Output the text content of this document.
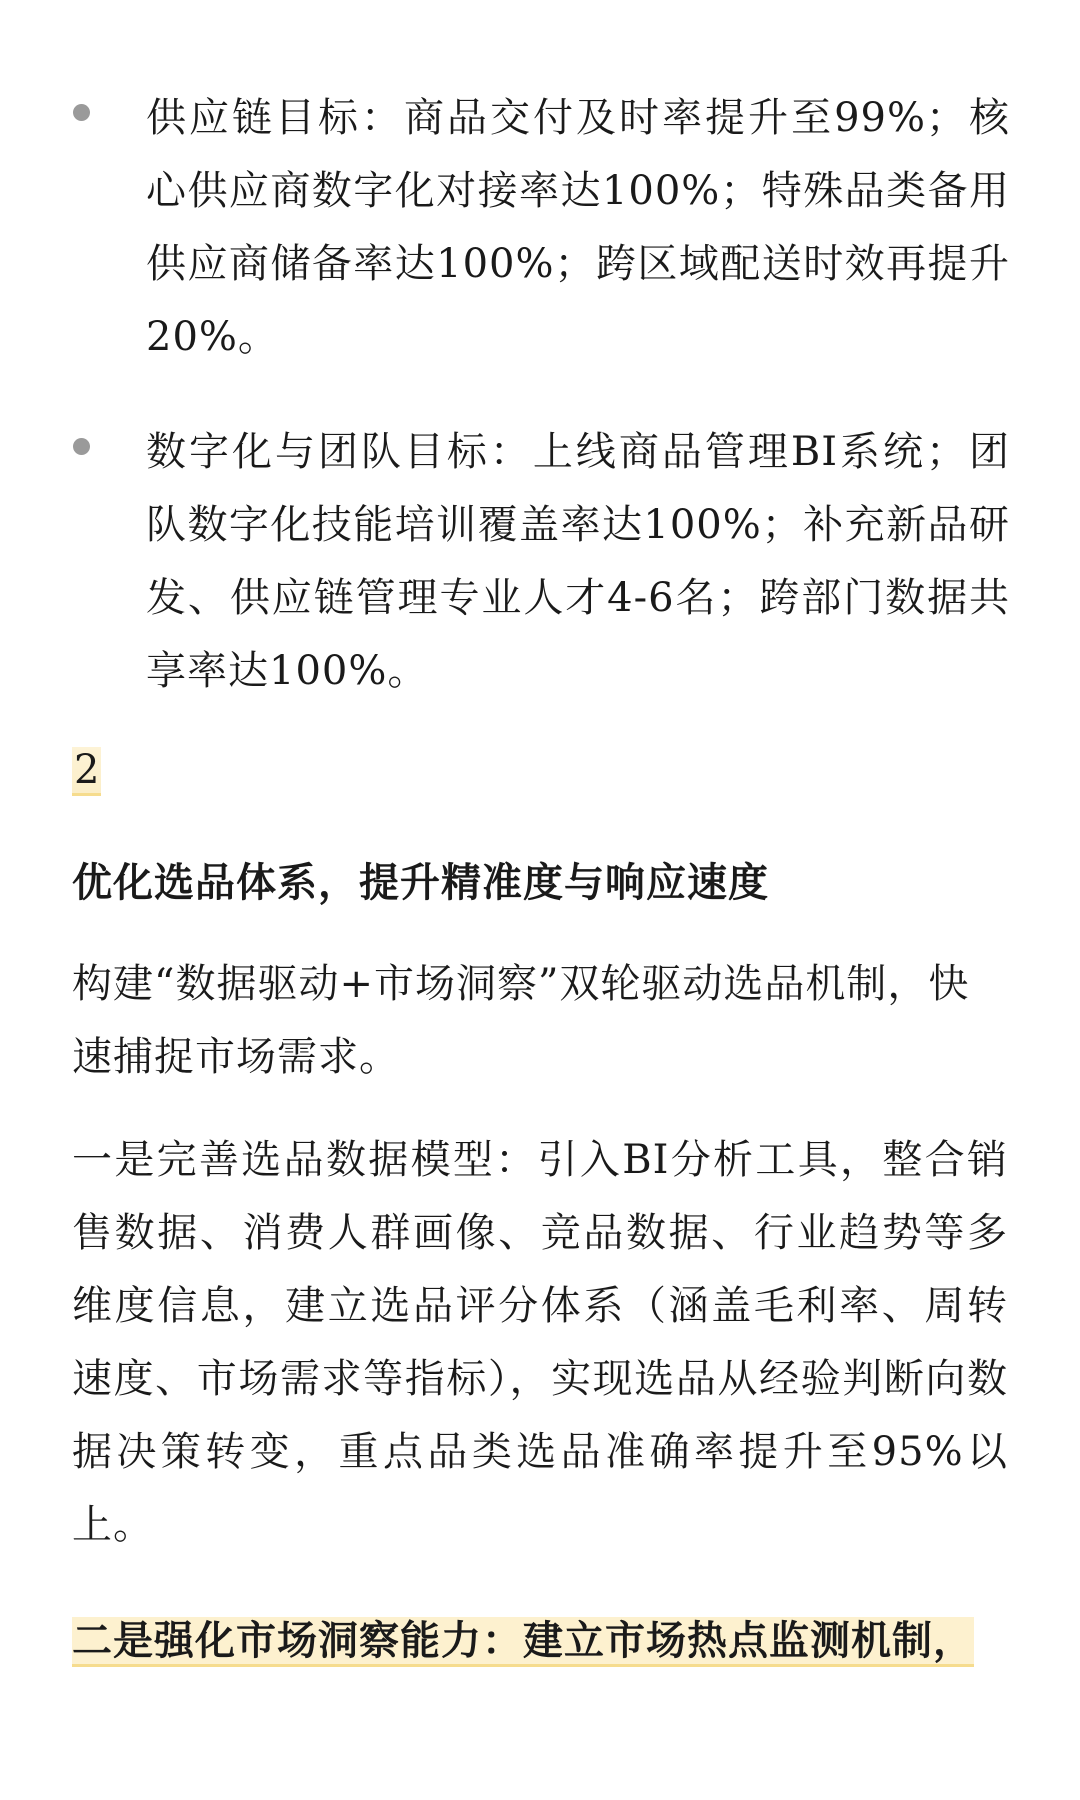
供应链目标：商品交付及时率提升至99%；核心供应商数字化对接率达100%；特殊品类备用供应商储备率达100%；跨区域配送时效再提升20%。
数字化与团队目标：上线商品管理BI系统；团队数字化技能培训覆盖率达100%；补充新品研发、供应链管理专业人才4-6名；跨部门数据共享率达100%。
2
优化选品体系，提升精准度与响应速度
构建“数据驱动+市场洞察”双轮驱动选品机制，快速捕捉市场需求。
一是完善选品数据模型：引入BI分析工具，整合销售数据、消费人群画像、竞品数据、行业趋势等多维度信息，建立选品评分体系（涵盖毛利率、周转速度、市场需求等指标），实现选品从经验判断向数据决策转变，重点品类选品准确率提升至95%以上。
二是强化市场洞察能力：建立市场热点监测机制，
